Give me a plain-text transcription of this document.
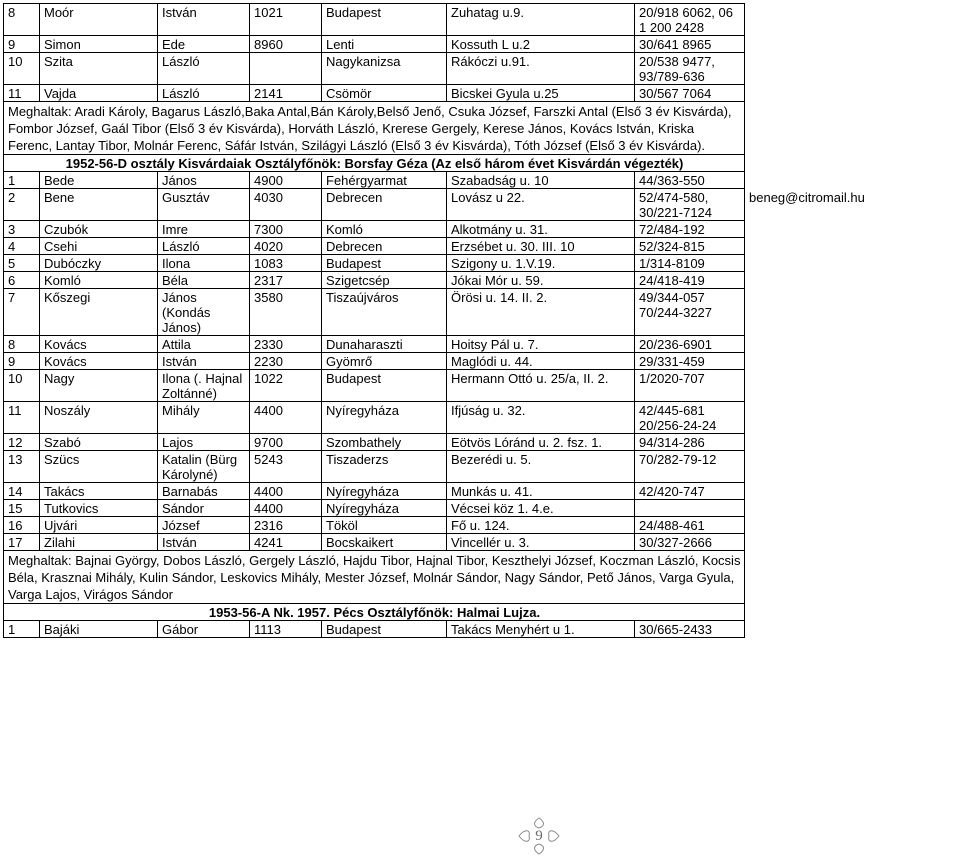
8	Moór	István	1021	Budapest	Zuhatag u.9.	20/918 6062, 06 1 200 2428	
9	Simon	Ede	8960	Lenti	Kossuth L u.2	30/641 8965	
10	Szita	László		Nagykanizsa	Rákóczi u.91.	20/538 9477, 93/789-636	
11	Vajda	László	2141	Csömör	Bicskei Gyula u.25	30/567 7064	
Meghaltak: Aradi Károly, Bagarus László,Baka Antal,Bán Károly,Belső Jenő, Csuka József, Farszki Antal (Első 3 év Kisvárda), Fombor József, Gaál Tibor (Első 3 év Kisvárda), Horváth László, Krerese Gergely, Kerese János, Kovács István, Kriska Ferenc, Lantay Tibor, Molnár Ferenc, Sáfár István, Szilágyi László (Első 3 év Kisvárda), Tóth József (Első 3 év Kisvárda).							
1952-56-D osztály Kisvárdaiak Osztályfőnök: Borsfay Géza (Az első három évet Kisvárdán végezték)							
1	Bede	János	4900	Fehérgyarmat	Szabadság u. 10	44/363-550	
2	Bene	Gusztáv	4030	Debrecen	Lovász u 22.	52/474-580, 30/221-7124	beneg@citromail.hu
3	Czubók	Imre	7300	Komló	Alkotmány u. 31.	72/484-192	
4	Csehi	László	4020	Debrecen	Erzsébet u. 30. III. 10	52/324-815	
5	Dubóczky	Ilona	1083	Budapest	Szigony u. 1.V.19.	1/314-8109	
6	Komló	Béla	2317	Szigetcsép	Jókai Mór u. 59.	24/418-419	
7	Kőszegi	János (Kondás János)	3580	Tiszaújváros	Örösi u. 14. II. 2.	49/344-057 70/244-3227	
8	Kovács	Attila	2330	Dunaharaszti	Hoitsy Pál u. 7.	20/236-6901	
9	Kovács	István	2230	Gyömrő	Maglódi u. 44.	29/331-459	
10	Nagy	Ilona (. Hajnal Zoltánné)	1022	Budapest	Hermann Ottó u. 25/a, II. 2.	1/2020-707	
11	Noszály	Mihály	4400	Nyíregyháza	Ifjúság u. 32.	42/445-681 20/256-24-24	
12	Szabó	Lajos	9700	Szombathely	Eötvös Lóránd u. 2. fsz. 1.	94/314-286	
13	Szücs	Katalin (Bürg Károlyné)	5243	Tiszaderzs	Bezerédi u. 5.	70/282-79-12	
14	Takács	Barnabás	4400	Nyíregyháza	Munkás u. 41.	42/420-747	
15	Tutkovics	Sándor	4400	Nyíregyháza	Vécsei köz 1. 4.e.		
16	Ujvári	József	2316	Tököl	Fő u. 124.	24/488-461	
17	Zilahi	István	4241	Bocskaikert	Vincellér u. 3.	30/327-2666	
Meghaltak: Bajnai György, Dobos László, Gergely László, Hajdu Tibor, Hajnal Tibor, Keszthelyi József, Koczman László, Kocsis Béla, Krasznai Mihály, Kulin Sándor, Leskovics Mihály, Mester József, Molnár Sándor, Nagy Sándor, Pető János, Varga Gyula, Varga Lajos, Virágos Sándor							
1953-56-A Nk. 1957. Pécs Osztályfőnök: Halmai Lujza.							
1	Bajáki	Gábor	1113	Budapest	Takács Menyhért u 1.	30/665-2433	
9
